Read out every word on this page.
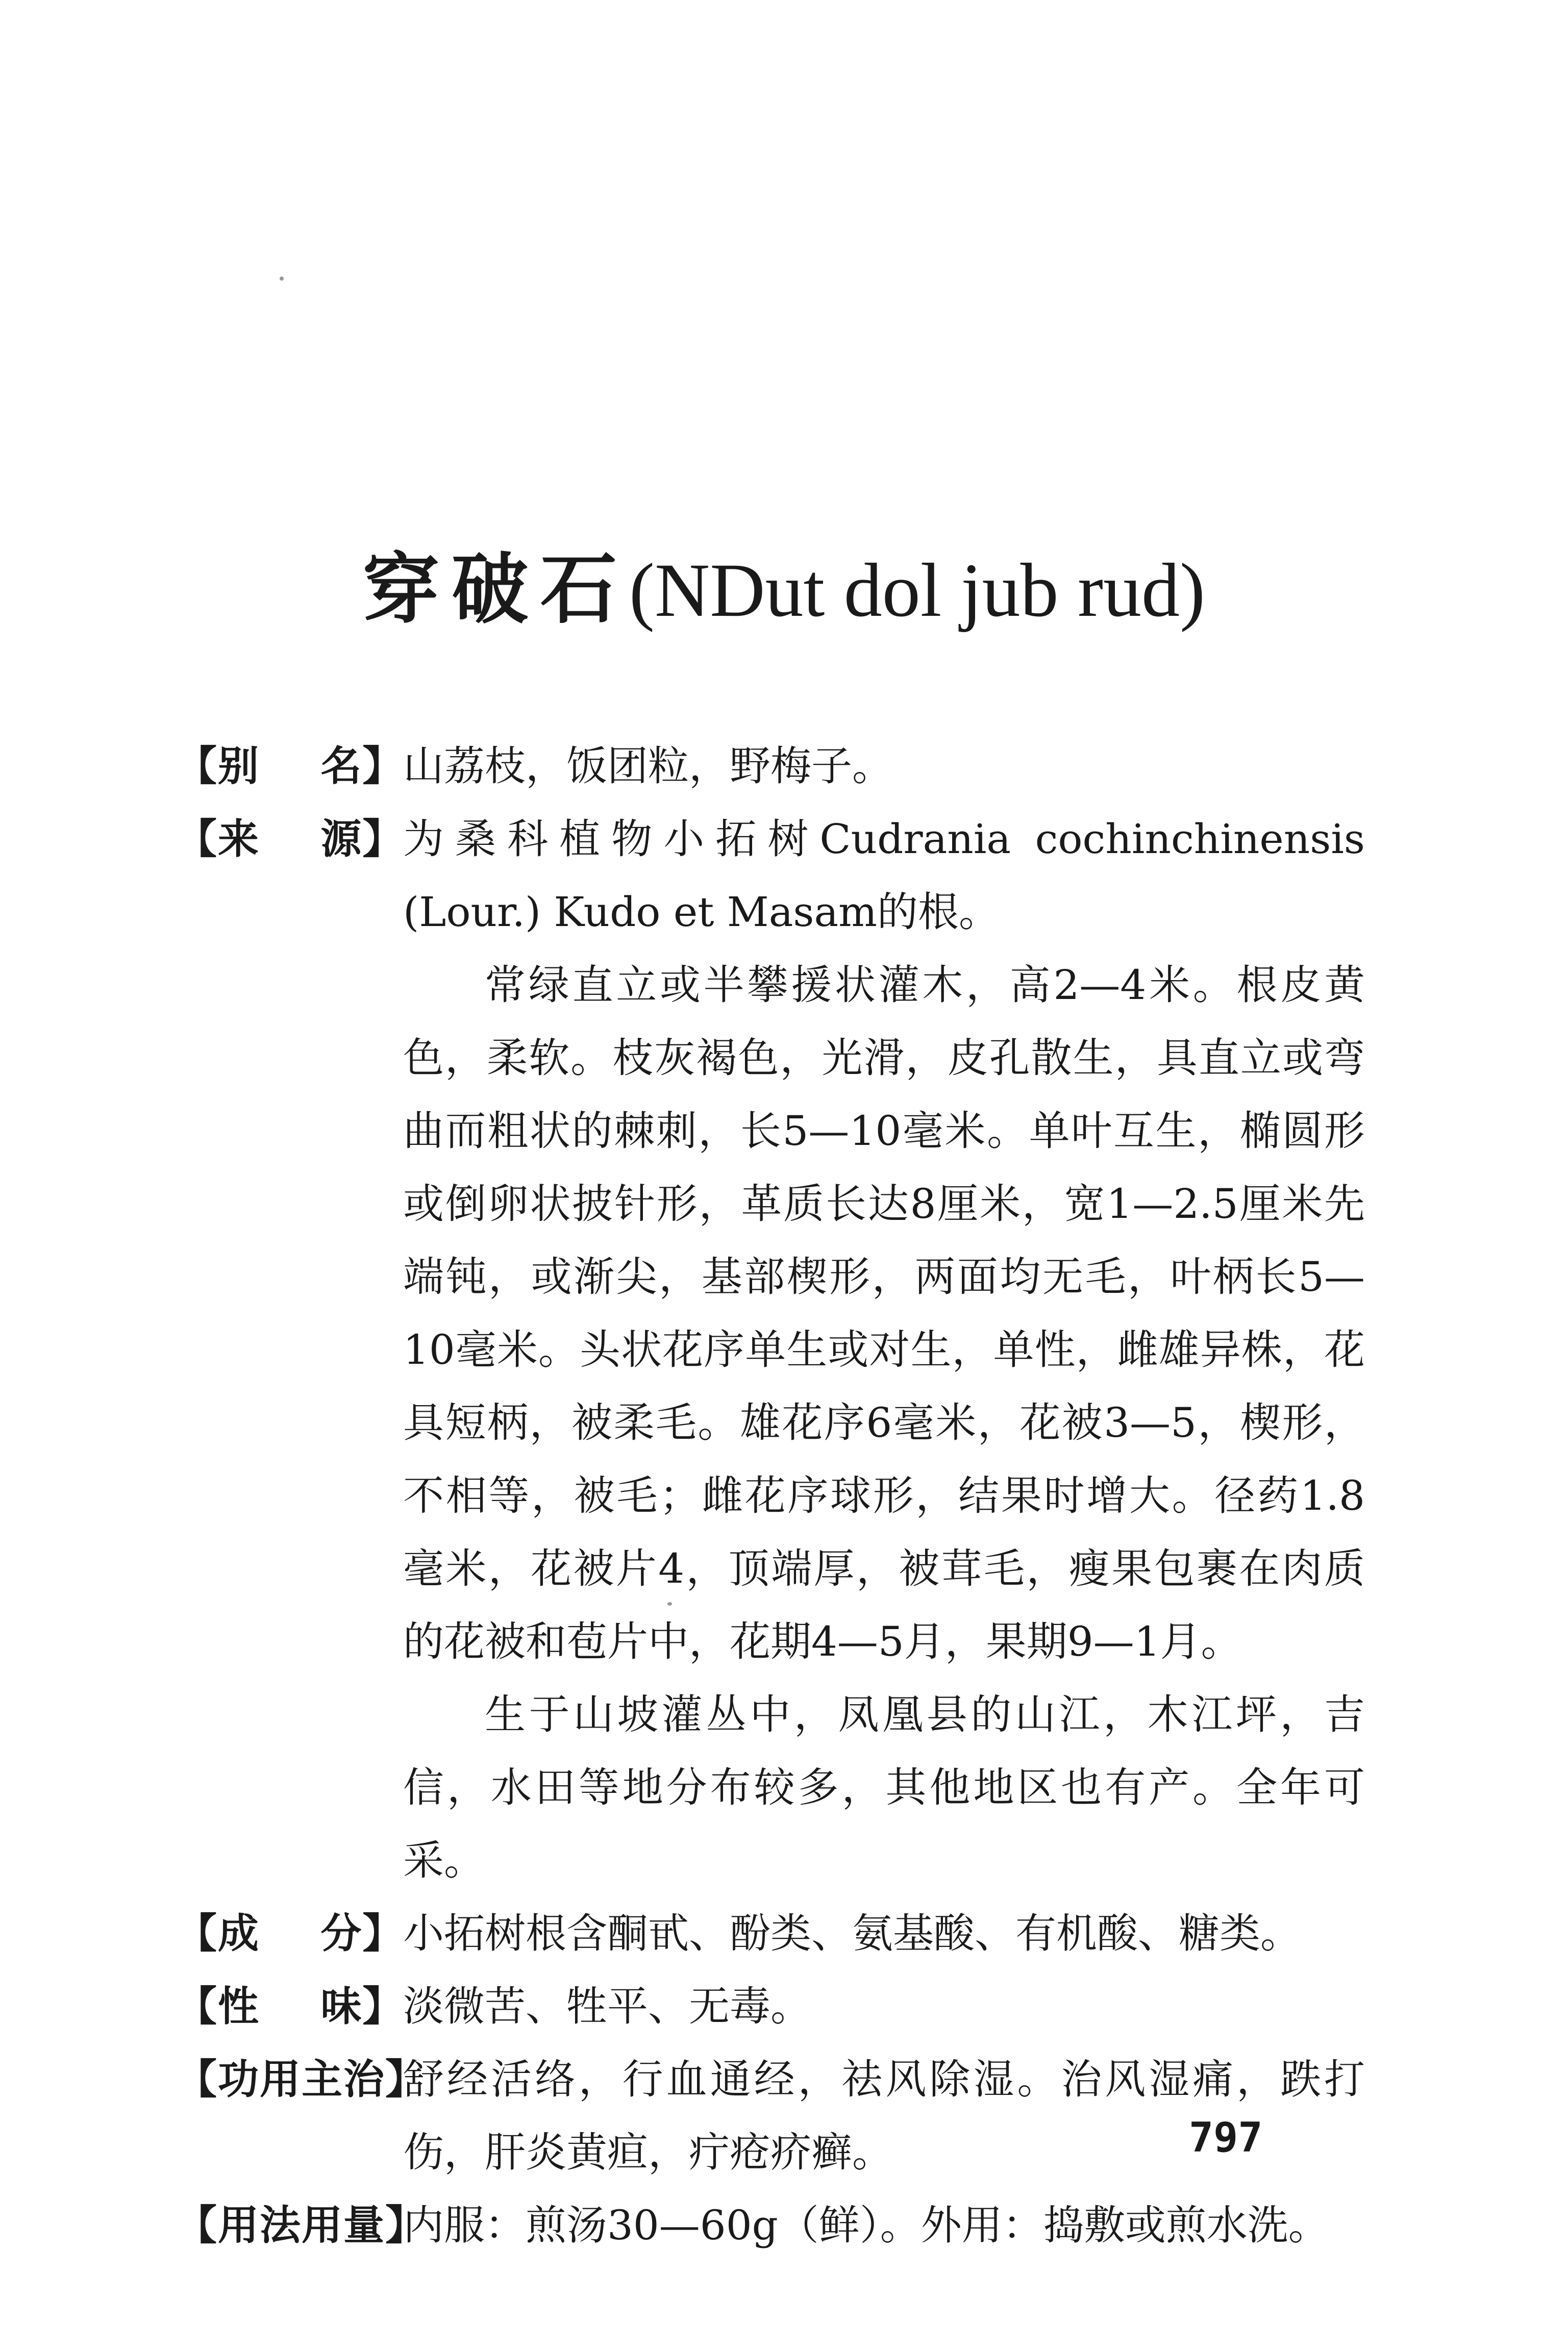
穿破石(NDut dol jub rud)
【别    名】

山荔枝，饭团粒，野梅子。

【来    源】

为桑科植物小拓树Cudrania cochinchinensis (Lour.) Kudo et Masam的根。

常绿直立或半攀援状灌木，高2—4米。根皮黄色，柔软。枝灰褐色，光滑，皮孔散生，具直立或弯曲而粗状的棘刺，长5—10毫米。单叶互生，椭圆形或倒卵状披针形，革质长达8厘米，宽1—2.5厘米先端钝，或渐尖，基部楔形，两面均无毛，叶柄长5—10毫米。头状花序单生或对生，单性，雌雄异株，花具短柄，被柔毛。雄花序6毫米，花被3—5，楔形，不相等，被毛；雌花序球形，结果时增大。径药1.8毫米，花被片4，顶端厚，被茸毛，瘦果包裹在肉质的花被和苞片中，花期4—5月，果期9—1月。

生于山坡灌丛中，凤凰县的山江，木江坪，吉信，水田等地分布较多，其他地区也有产。全年可采。

【成    分】

小拓树根含酮甙、酚类、氨基酸、有机酸、糖类。

【性    味】

淡微苦、牲平、无毒。

【功用主治】

舒经活络，行血通经，祛风除湿。治风湿痛，跌打伤，肝炎黄疸，疔疮疥癣。

【用法用量】

内服：煎汤30—60g（鲜）。外用：捣敷或煎水洗。

797
